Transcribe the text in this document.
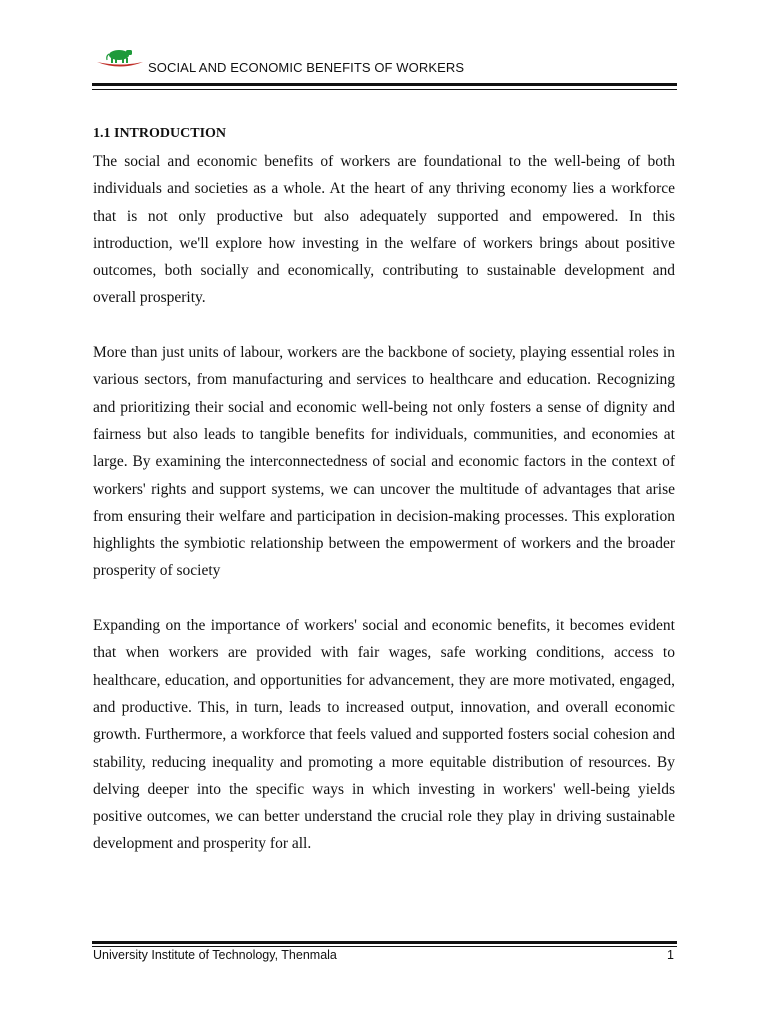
SOCIAL AND ECONOMIC BENEFITS OF WORKERS
1.1 INTRODUCTION

The social and economic benefits of workers are foundational to the well-being of both individuals and societies as a whole. At the heart of any thriving economy lies a workforce that is not only productive but also adequately supported and empowered. In this introduction, we'll explore how investing in the welfare of workers brings about positive outcomes, both socially and economically, contributing to sustainable development and overall prosperity.

More than just units of labour, workers are the backbone of society, playing essential roles in various sectors, from manufacturing and services to healthcare and education. Recognizing and prioritizing their social and economic well-being not only fosters a sense of dignity and fairness but also leads to tangible benefits for individuals, communities, and economies at large. By examining the interconnectedness of social and economic factors in the context of workers' rights and support systems, we can uncover the multitude of advantages that arise from ensuring their welfare and participation in decision-making processes. This exploration highlights the symbiotic relationship between the empowerment of workers and the broader prosperity of society

Expanding on the importance of workers' social and economic benefits, it becomes evident that when workers are provided with fair wages, safe working conditions, access to healthcare, education, and opportunities for advancement, they are more motivated, engaged, and productive. This, in turn, leads to increased output, innovation, and overall economic growth. Furthermore, a workforce that feels valued and supported fosters social cohesion and stability, reducing inequality and promoting a more equitable distribution of resources. By delving deeper into the specific ways in which investing in workers' well-being yields positive outcomes, we can better understand the crucial role they play in driving sustainable development and prosperity for all.

University Institute of Technology, Thenmala	1
